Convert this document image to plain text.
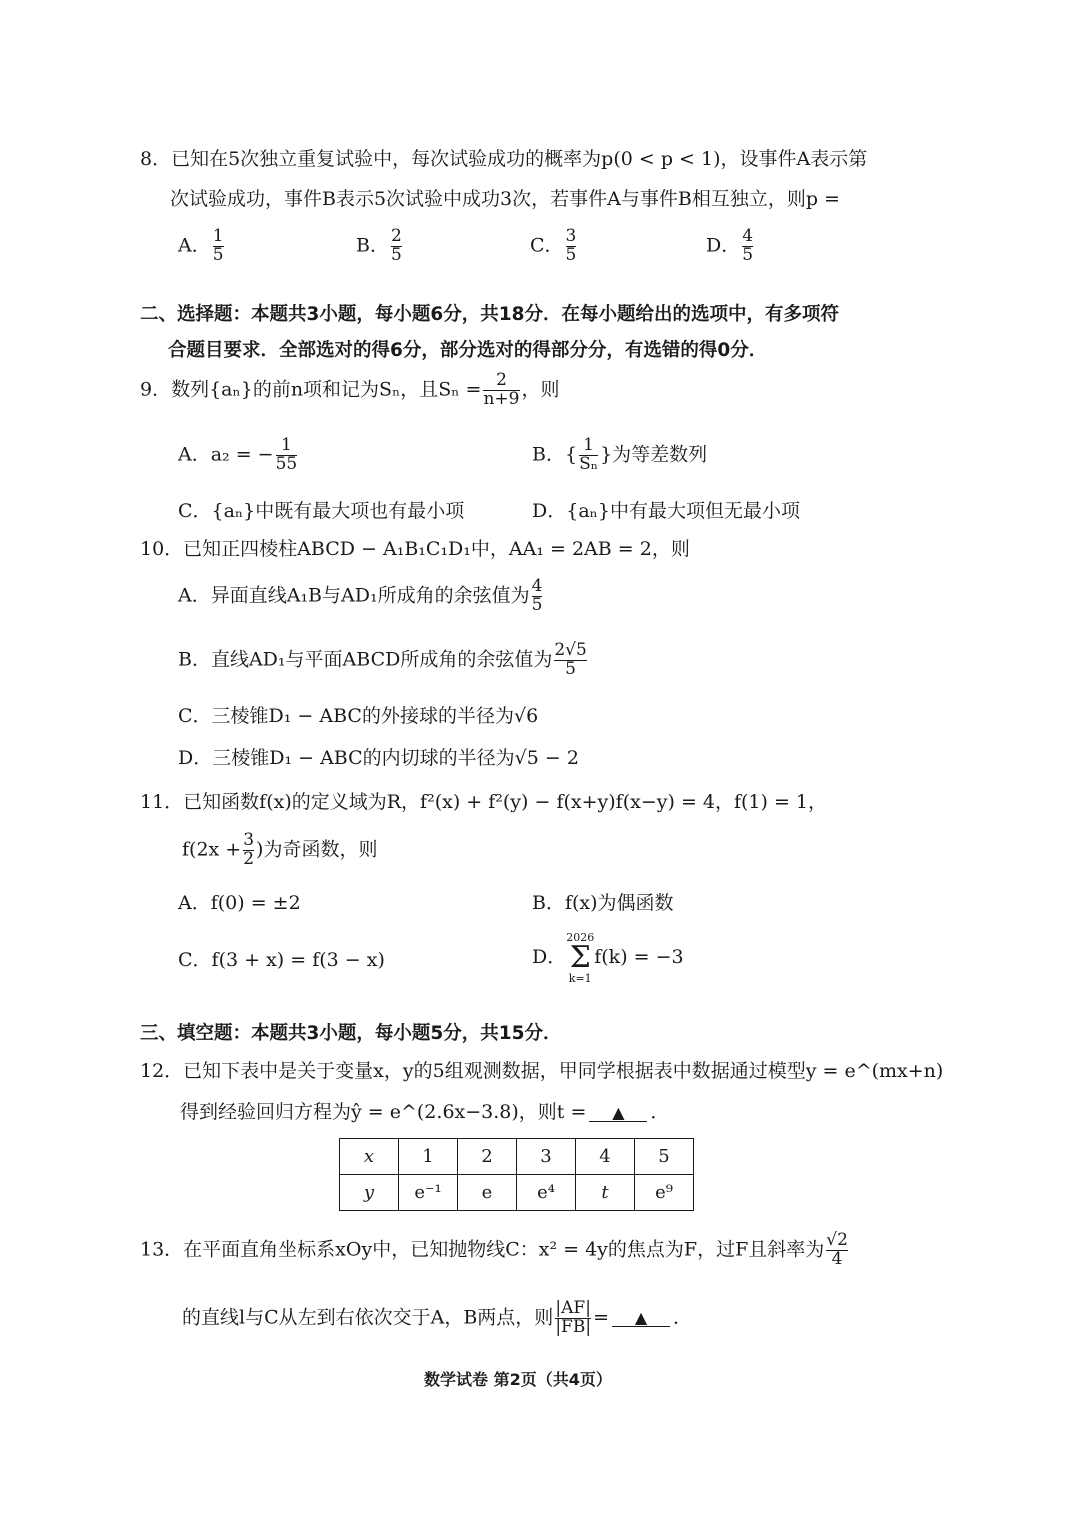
8．已知在5次独立重复试验中，每次试验成功的概率为p(0 < p < 1)，设事件A表示第
次试验成功，事件B表示5次试验中成功3次，若事件A与事件B相互独立，则p =
A． $\frac{1}{5}$	B． $\frac{2}{5}$	C． $\frac{3}{5}$	D． $\frac{4}{5}$
二、选择题：本题共3小题，每小题6分，共18分．在每小题给出的选项中，有多项符
合题目要求．全部选对的得6分，部分选对的得部分分，有选错的得0分．
9．数列{aₙ}的前n项和记为Sₙ，且$S_n = \frac{2}{n+9}$ ，则
A．a₂ = − $\frac{1}{55}$	B．{ $\frac{1}{\text{Sₙ}}$ }为等差数列
C．{aₙ}中既有最大项也有最小项	D．{aₙ}中有最大项但无最小项
10．已知正四棱柱ABCD − A₁B₁C₁D₁中，AA₁ = 2AB = 2，则
A．异面直线A₁B与AD₁所成角的余弦值为 $\frac{4}{5}$
B．直线AD₁与平面ABCD所成角的余弦值为 $\frac{2√5}{5}$
C．三棱锥D₁ − ABC的外接球的半径为√6
D．三棱锥D₁ − ABC的内切球的半径为√5 − 2
11．已知函数f(x)的定义域为R，f²(x) + f²(y) − f(x+y)f(x−y) = 4，f(1) = 1，
$f(2x + \frac{3}{2}$ )为奇函数，则
A．f(0) = ±2	B．f(x)为偶函数
C．f(3 + x) = f(3 − x)	D．
2026
Σ
k=1
f(k) = −3
三、填空题：本题共3小题，每小题5分，共15分．
12．已知下表中是关于变量x，y的5组观测数据，甲同学根据表中数据通过模型y = e^(mx+n)
得到经验回归方程为ŷ = e^(2.6x−3.8)，则t = ▲ ．
x	1	2	3	4	5
y	e⁻¹	e	e⁴	t	e⁹
13．在平面直角坐标系xOy中，已知抛物线C：x² = 4y的焦点为F，过F且斜率为 $\frac{√2}{4}$
的直线l与C从左到右依次交于A，B两点，则 $\frac{|AF|}{|FB|}$ = ▲ ．
数学试卷 第2页（共4页）
